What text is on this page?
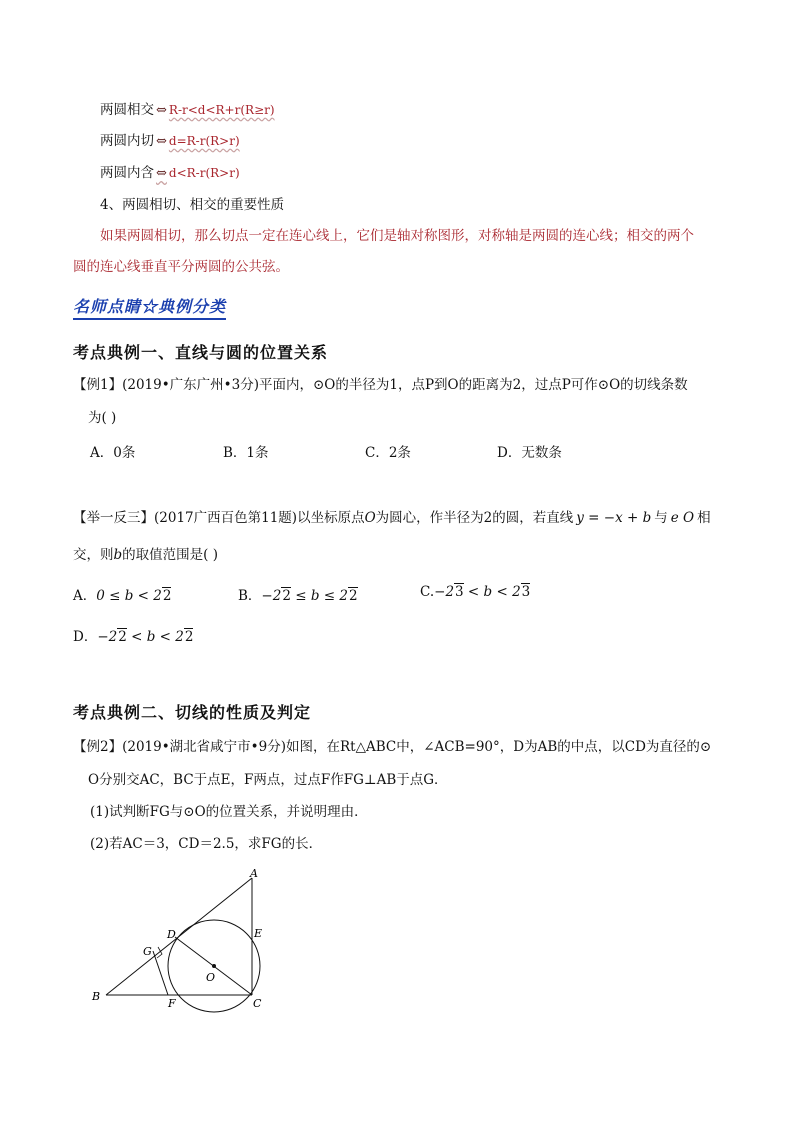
两圆相交 ⇔ R-r<d<R+r(R≥r)
两圆内切 ⇔ d=R-r(R>r)
两圆内含 ⇔ d<R-r(R>r)
4、两圆相切、相交的重要性质
如果两圆相切，那么切点一定在连心线上，它们是轴对称图形，对称轴是两圆的连心线；相交的两个
圆的连心线垂直平分两圆的公共弦。
名师点睛☆典例分类
考点典例一、直线与圆的位置关系
【例1】(2019•广东广州•3分)平面内，⊙O的半径为1，点P到O的距离为2，过点P可作⊙O的切线条数
为( )
A．0条	B．1条	C．2条	D．无数条
【举一反三】(2017广西百色第11题)以坐标原点O为圆心，作半径为2的圆，若直线 y = −x + b 与 e O 相
交，则b的取值范围是( )
A．0 ≤ b < 22	B．−22 ≤ b ≤ 22	C.−23 < b < 23
D．−22 < b < 22
考点典例二、切线的性质及判定
【例2】(2019•湖北省咸宁市•9分)如图，在Rt△ABC中，∠ACB=90°，D为AB的中点，以CD为直径的⊙
O分别交AC，BC于点E，F两点，过点F作FG⊥AB于点G．
(1)试判断FG与⊙O的位置关系，并说明理由．
(2)若AC＝3，CD＝2.5，求FG的长．
A
B
C
D	E
F
G
O
